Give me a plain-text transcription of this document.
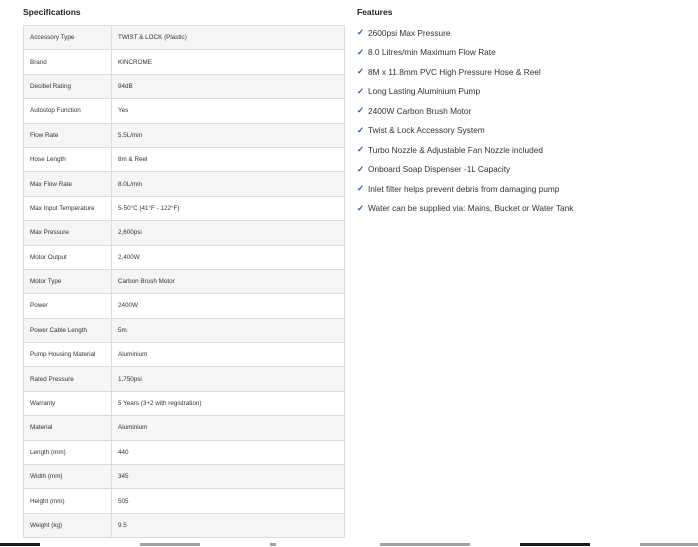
Specifications
Accessory Type	TWIST & LOCK (Plastic)
Brand	KINCROME
Decibel Rating	94dB
Autostop Function	Yes
Flow Rate	5.5L/min
Hose Length	8m & Reel
Max Flow Rate	8.0L/min
Max Input Temperature	5-50°C (41°F - 122°F)
Max Pressure	2,600psi
Motor Output	2,400W
Motor Type	Carbon Brush Motor
Power	2400W
Power Cable Length	5m
Pump Housing Material	Aluminium
Rated Pressure	1,750psi
Warranty	5 Years (3+2 with registration)
Material	Aluminium
Length (mm)	440
Width (mm)	345
Height (mm)	505
Weight (kg)	9.5
Features
✓ 2600psi Max Pressure
✓ 8.0 Litres/min Maximum Flow Rate
✓ 8M x 11.8mm PVC High Pressure Hose & Reel
✓ Long Lasting Aluminium Pump
✓ 2400W Carbon Brush Motor
✓ Twist & Lock Accessory System
✓ Turbo Nozzle & Adjustable Fan Nozzle included
✓ Onboard Soap Dispenser -1L Capacity
✓ Inlet filter helps prevent debris from damaging pump
✓ Water can be supplied via: Mains, Bucket or Water Tank
